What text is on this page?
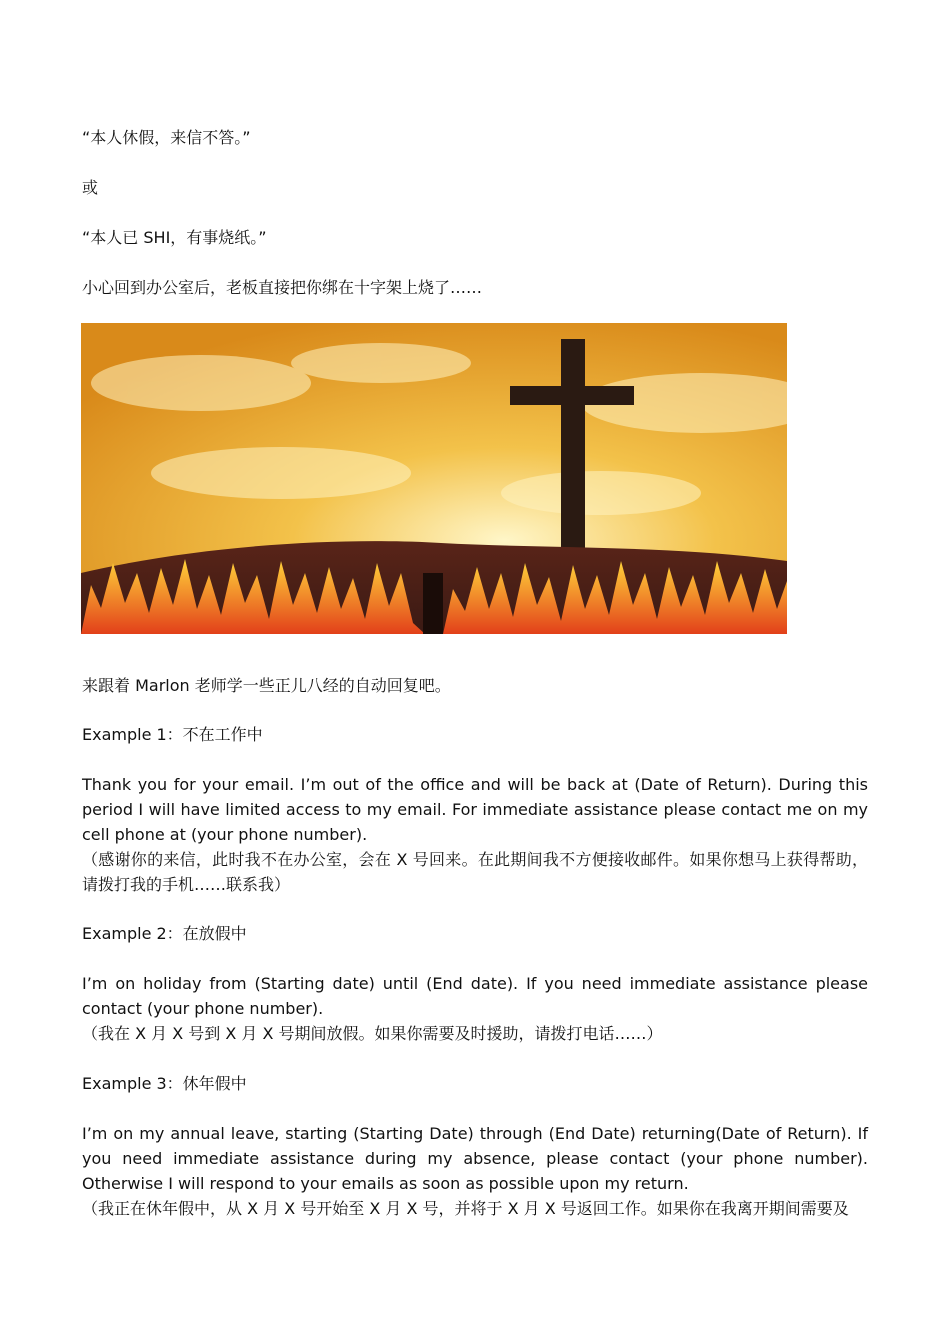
“本人休假，来信不答。”
或
“本人已 SHI，有事烧纸。”
小心回到办公室后，老板直接把你绑在十字架上烧了……
来跟着 Marlon 老师学一些正儿八经的自动回复吧。
Example 1：不在工作中
Thank you for your email. I’m out of the office and will be back at (Date of Return). During this period I will have limited access to my email. For immediate assistance please contact me on my cell phone at (your phone number).
（感谢你的来信，此时我不在办公室，会在 X 号回来。在此期间我不方便接收邮件。如果你想马上获得帮助，请拨打我的手机……联系我）
Example 2：在放假中
I’m on holiday from (Starting date) until (End date). If you need immediate assistance please contact (your phone number).
（我在 X 月 X 号到 X 月 X 号期间放假。如果你需要及时援助，请拨打电话……）
Example 3：休年假中
I’m on my annual leave, starting (Starting Date) through (End Date) returning(Date of Return). If you need immediate assistance during my absence, please contact (your phone number). Otherwise I will respond to your emails as soon as possible upon my return.
（我正在休年假中，从 X 月 X 号开始至 X 月 X 号，并将于 X 月 X 号返回工作。如果你在我离开期间需要及
